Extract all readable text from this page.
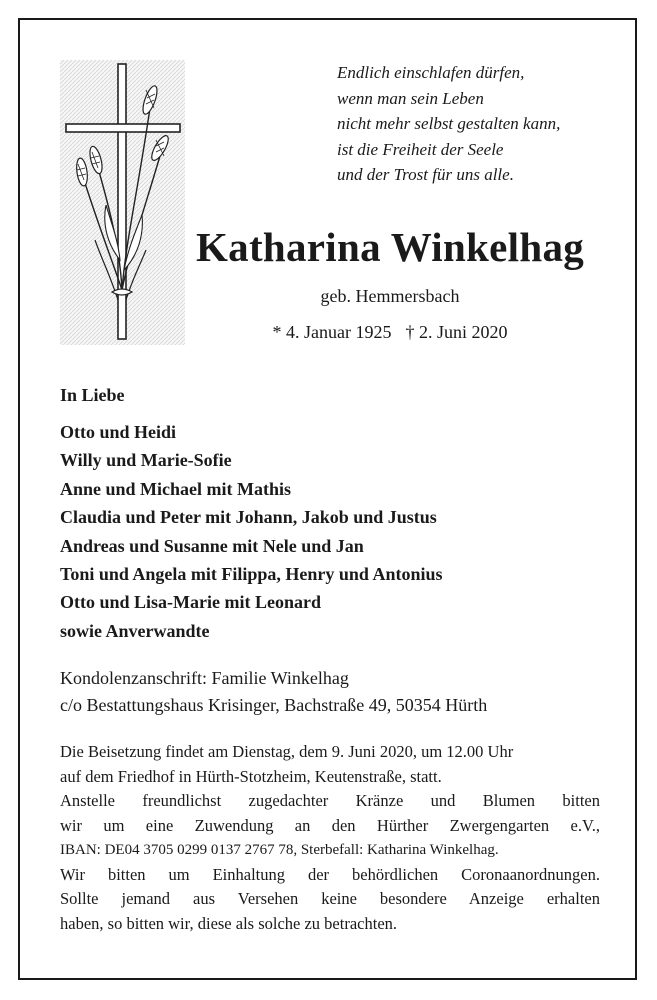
Endlich einschlafen dürfen,
wenn man sein Leben
nicht mehr selbst gestalten kann,
ist die Freiheit der Seele
und der Trost für uns alle.
Katharina Winkelhag
geb. Hemmersbach
* 4. Januar 1925 † 2. Juni 2020
In Liebe
Otto und Heidi
Willy und Marie-Sofie
Anne und Michael mit Mathis
Claudia und Peter mit Johann, Jakob und Justus
Andreas und Susanne mit Nele und Jan
Toni und Angela mit Filippa, Henry und Antonius
Otto und Lisa-Marie mit Leonard
sowie Anverwandte
Kondolenzanschrift: Familie Winkelhag
c/o Bestattungshaus Krisinger, Bachstraße 49, 50354 Hürth
Die Beisetzung findet am Dienstag, dem 9. Juni 2020, um 12.00 Uhr
auf dem Friedhof in Hürth-Stotzheim, Keutenstraße, statt.
Anstelle freundlichst zugedachter Kränze und Blumen bitten
wir um eine Zuwendung an den Hürther Zwergengarten e.V.,
IBAN: DE04 3705 0299 0137 2767 78, Sterbefall: Katharina Winkelhag.
Wir bitten um Einhaltung der behördlichen Coronaanordnungen.
Sollte jemand aus Versehen keine besondere Anzeige erhalten
haben, so bitten wir, diese als solche zu betrachten.
